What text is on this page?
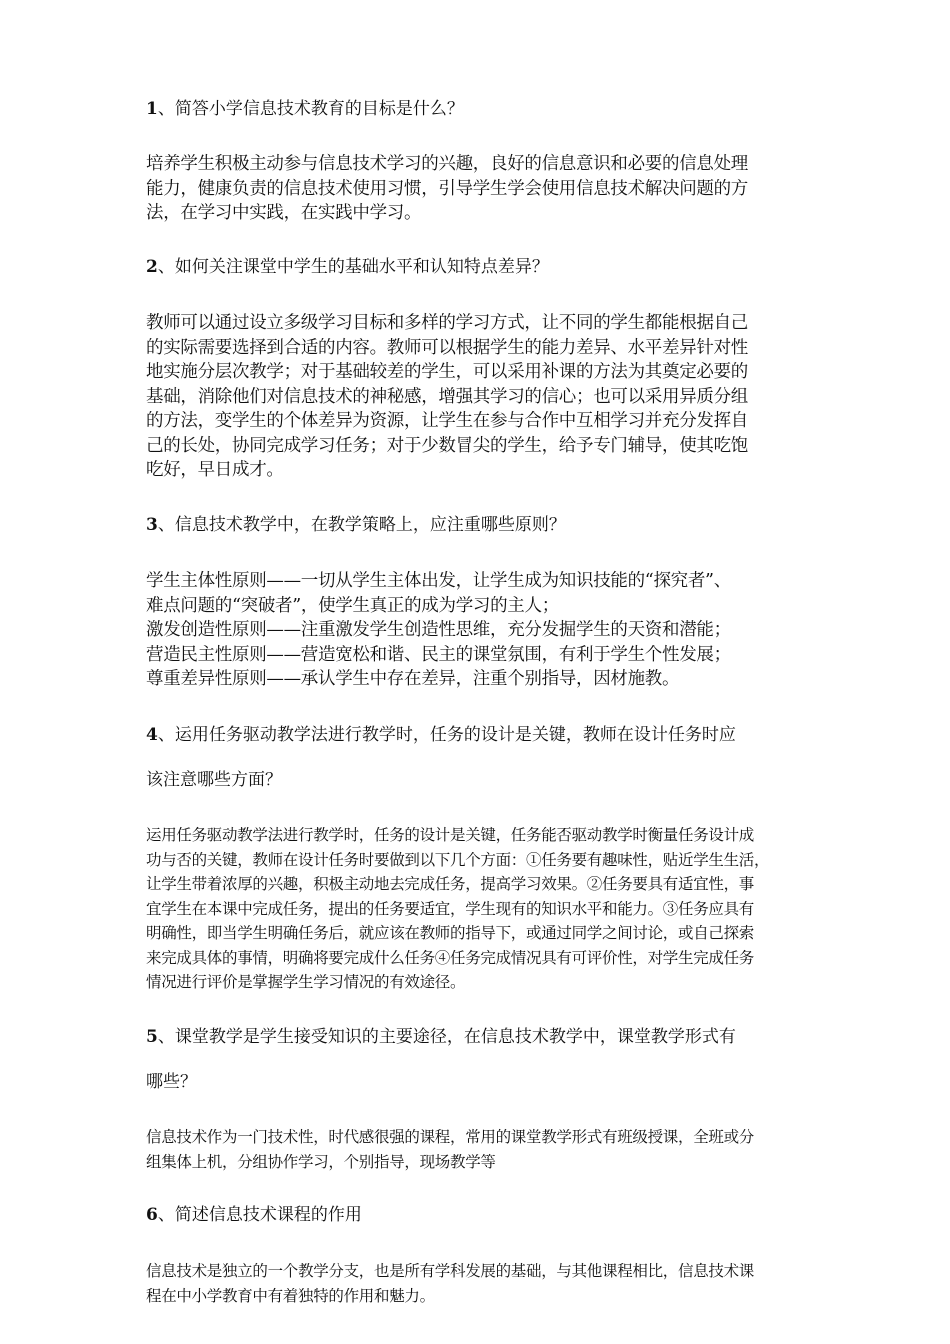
1、简答小学信息技术教育的目标是什么？

培养学生积极主动参与信息技术学习的兴趣，良好的信息意识和必要的信息处理
能力，健康负责的信息技术使用习惯，引导学生学会使用信息技术解决问题的方
法，在学习中实践，在实践中学习。

2、如何关注课堂中学生的基础水平和认知特点差异？

教师可以通过设立多级学习目标和多样的学习方式，让不同的学生都能根据自己
的实际需要选择到合适的内容。教师可以根据学生的能力差异、水平差异针对性
地实施分层次教学；对于基础较差的学生，可以采用补课的方法为其奠定必要的
基础，消除他们对信息技术的神秘感，增强其学习的信心；也可以采用异质分组
的方法，变学生的个体差异为资源，让学生在参与合作中互相学习并充分发挥自
己的长处，协同完成学习任务；对于少数冒尖的学生，给予专门辅导，使其吃饱
吃好，早日成才。

3、信息技术教学中，在教学策略上，应注重哪些原则？

学生主体性原则——一切从学生主体出发，让学生成为知识技能的“探究者”、
难点问题的“突破者”，使学生真正的成为学习的主人；
激发创造性原则——注重激发学生创造性思维，充分发掘学生的天资和潜能；
营造民主性原则——营造宽松和谐、民主的课堂氛围，有利于学生个性发展；
尊重差异性原则——承认学生中存在差异，注重个别指导，因材施教。

4、运用任务驱动教学法进行教学时，任务的设计是关键，教师在设计任务时应

该注意哪些方面？

运用任务驱动教学法进行教学时，任务的设计是关键，任务能否驱动教学时衡量任务设计成
功与否的关键，教师在设计任务时要做到以下几个方面：①任务要有趣味性，贴近学生生活，
让学生带着浓厚的兴趣，积极主动地去完成任务，提高学习效果。②任务要具有适宜性，事
宜学生在本课中完成任务，提出的任务要适宜，学生现有的知识水平和能力。③任务应具有
明确性，即当学生明确任务后，就应该在教师的指导下，或通过同学之间讨论，或自己探索
来完成具体的事情，明确将要完成什么任务④任务完成情况具有可评价性，对学生完成任务
情况进行评价是掌握学生学习情况的有效途径。

5、课堂教学是学生接受知识的主要途径，在信息技术教学中，课堂教学形式有

哪些？

信息技术作为一门技术性，时代感很强的课程，常用的课堂教学形式有班级授课，全班或分
组集体上机，分组协作学习，个别指导，现场教学等

6、简述信息技术课程的作用

信息技术是独立的一个教学分支，也是所有学科发展的基础，与其他课程相比，信息技术课
程在中小学教育中有着独特的作用和魅力。
